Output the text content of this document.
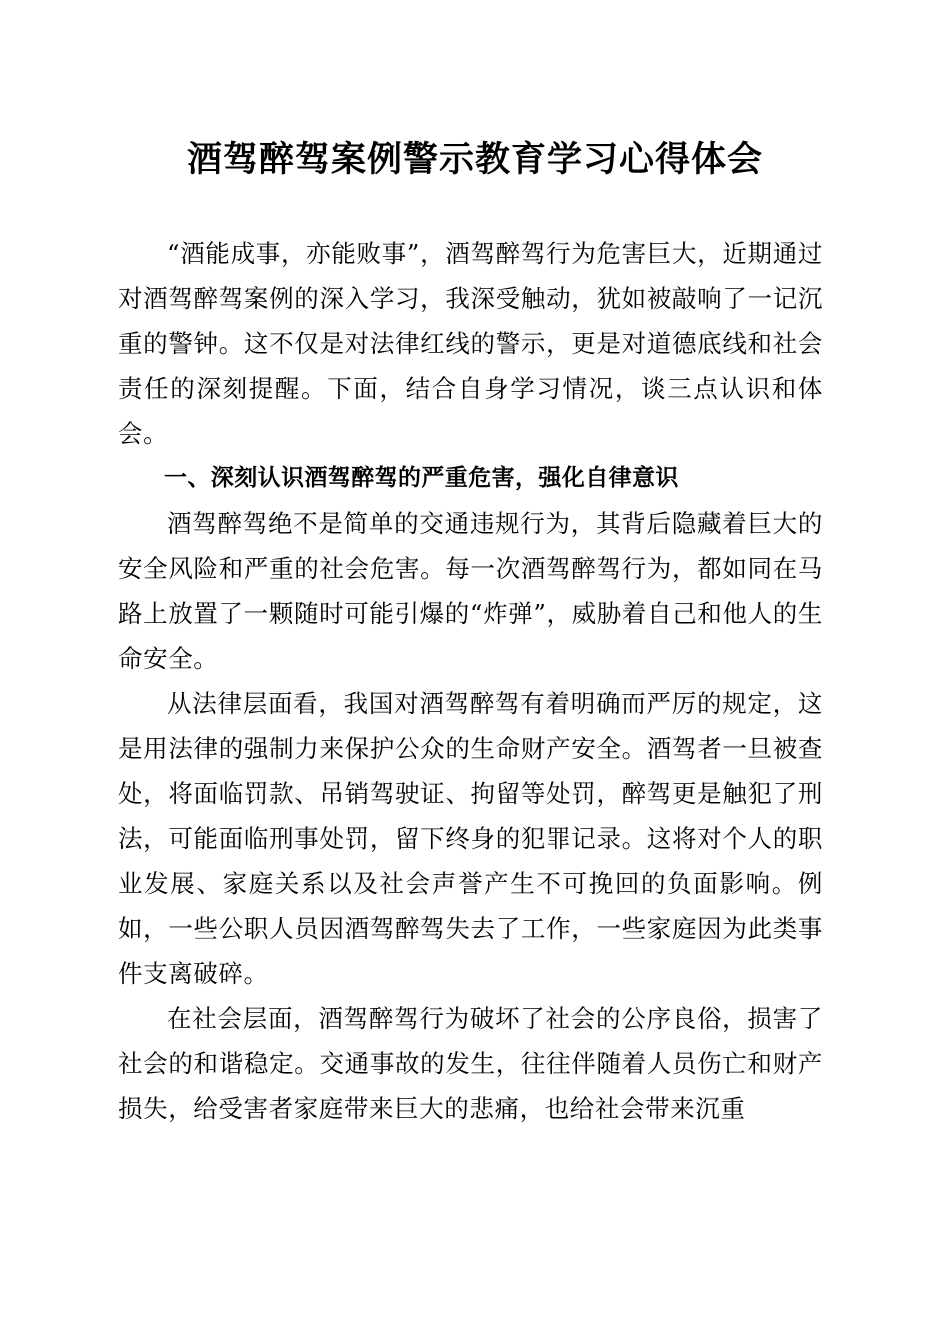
酒驾醉驾案例警示教育学习心得体会

“酒能成事，亦能败事”，酒驾醉驾行为危害巨大，近期通过对酒驾醉驾案例的深入学习，我深受触动，犹如被敲响了一记沉重的警钟。这不仅是对法律红线的警示，更是对道德底线和社会责任的深刻提醒。下面，结合自身学习情况，谈三点认识和体会。

一、深刻认识酒驾醉驾的严重危害，强化自律意识

酒驾醉驾绝不是简单的交通违规行为，其背后隐藏着巨大的安全风险和严重的社会危害。每一次酒驾醉驾行为，都如同在马路上放置了一颗随时可能引爆的“炸弹”，威胁着自己和他人的生命安全。

从法律层面看，我国对酒驾醉驾有着明确而严厉的规定，这是用法律的强制力来保护公众的生命财产安全。酒驾者一旦被查处，将面临罚款、吊销驾驶证、拘留等处罚，醉驾更是触犯了刑法，可能面临刑事处罚，留下终身的犯罪记录。这将对个人的职业发展、家庭关系以及社会声誉产生不可挽回的负面影响。例如，一些公职人员因酒驾醉驾失去了工作，一些家庭因为此类事件支离破碎。

在社会层面，酒驾醉驾行为破坏了社会的公序良俗，损害了社会的和谐稳定。交通事故的发生，往往伴随着人员伤亡和财产损失，给受害者家庭带来巨大的悲痛，也给社会带来沉重
